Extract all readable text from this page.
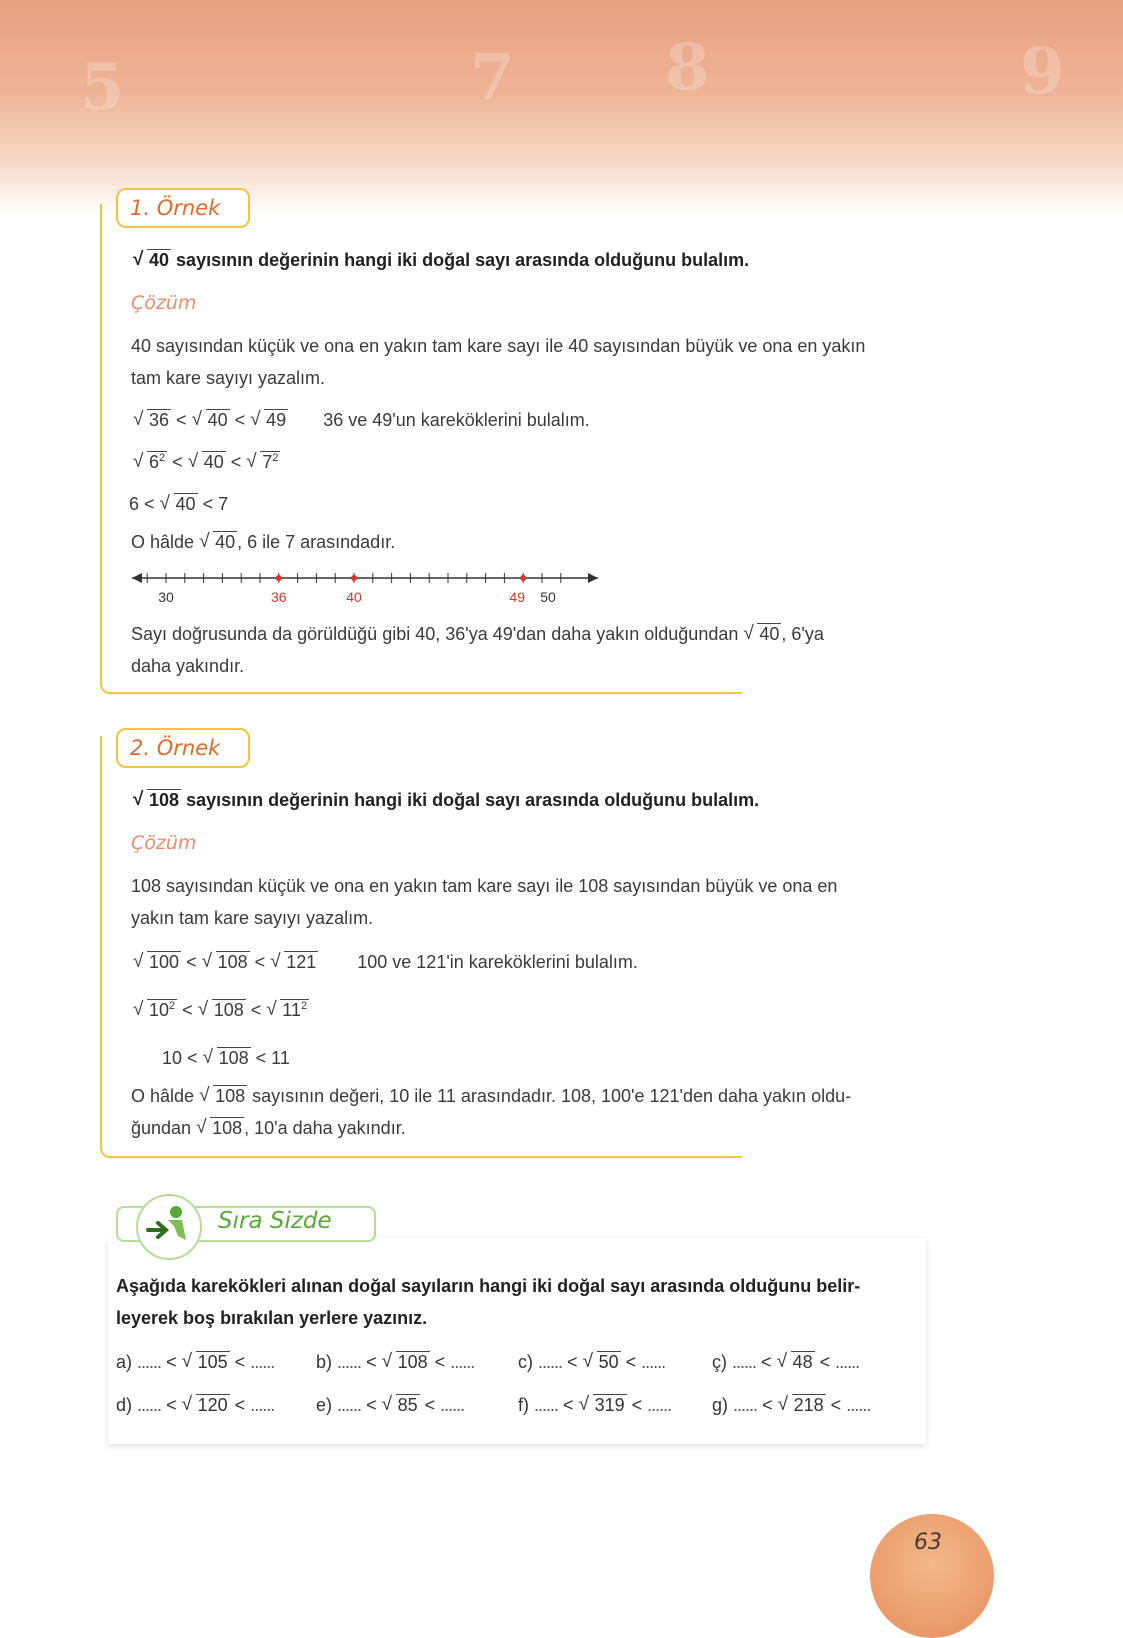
5	7 8	9
1. Örnek
√ 40 sayısının değerinin hangi iki doğal sayı arasında olduğunu bulalım.
Çözüm
40 sayısından küçük ve ona en yakın tam kare sayı ile 40 sayısından büyük ve ona en yakın
tam kare sayıyı yazalım.
√ 36 < √ 40 < √ 49 36 ve 49'un kareköklerini bulalım.
√ $6^2$ < √ 40 < √ $7^2$
6 < √ 40 < 7
O hâlde √ 40 , 6 ile 7 arasındadır.
30	36	40	49 50
Sayı doğrusunda da görüldüğü gibi 40, 36'ya 49'dan daha yakın olduğundan √ 40 , 6'ya
daha yakındır.
2. Örnek
√ 108 sayısının değerinin hangi iki doğal sayı arasında olduğunu bulalım.
Çözüm
108 sayısından küçük ve ona en yakın tam kare sayı ile 108 sayısından büyük ve ona en
yakın tam kare sayıyı yazalım.
√ 100 < √ 108 < √ 121 100 ve 121'in kareköklerini bulalım.
√ $10^2$ < √ 108 < √ $11^2$
10 < √ 108 < 11
O hâlde √ 108 sayısının değeri, 10 ile 11 arasındadır. 108, 100'e 121'den daha yakın oldu-
ğundan √ 108 , 10'a daha yakındır.
Sıra Sizde
Aşağıda karekökleri alınan doğal sayıların hangi iki doğal sayı arasında olduğunu belir-
leyerek boş bırakılan yerlere yazınız.
a) ...... < √ 105 < ...... b) ...... < √ 108 < ...... c) ...... < √ 50 < ......	ç) ...... < √ 48 < ......
d) ...... < √ 120 < ...... e) ...... < √ 85 < ......	f) ...... < √ 319 < ...... g) ...... < √ 218 < ......
63
